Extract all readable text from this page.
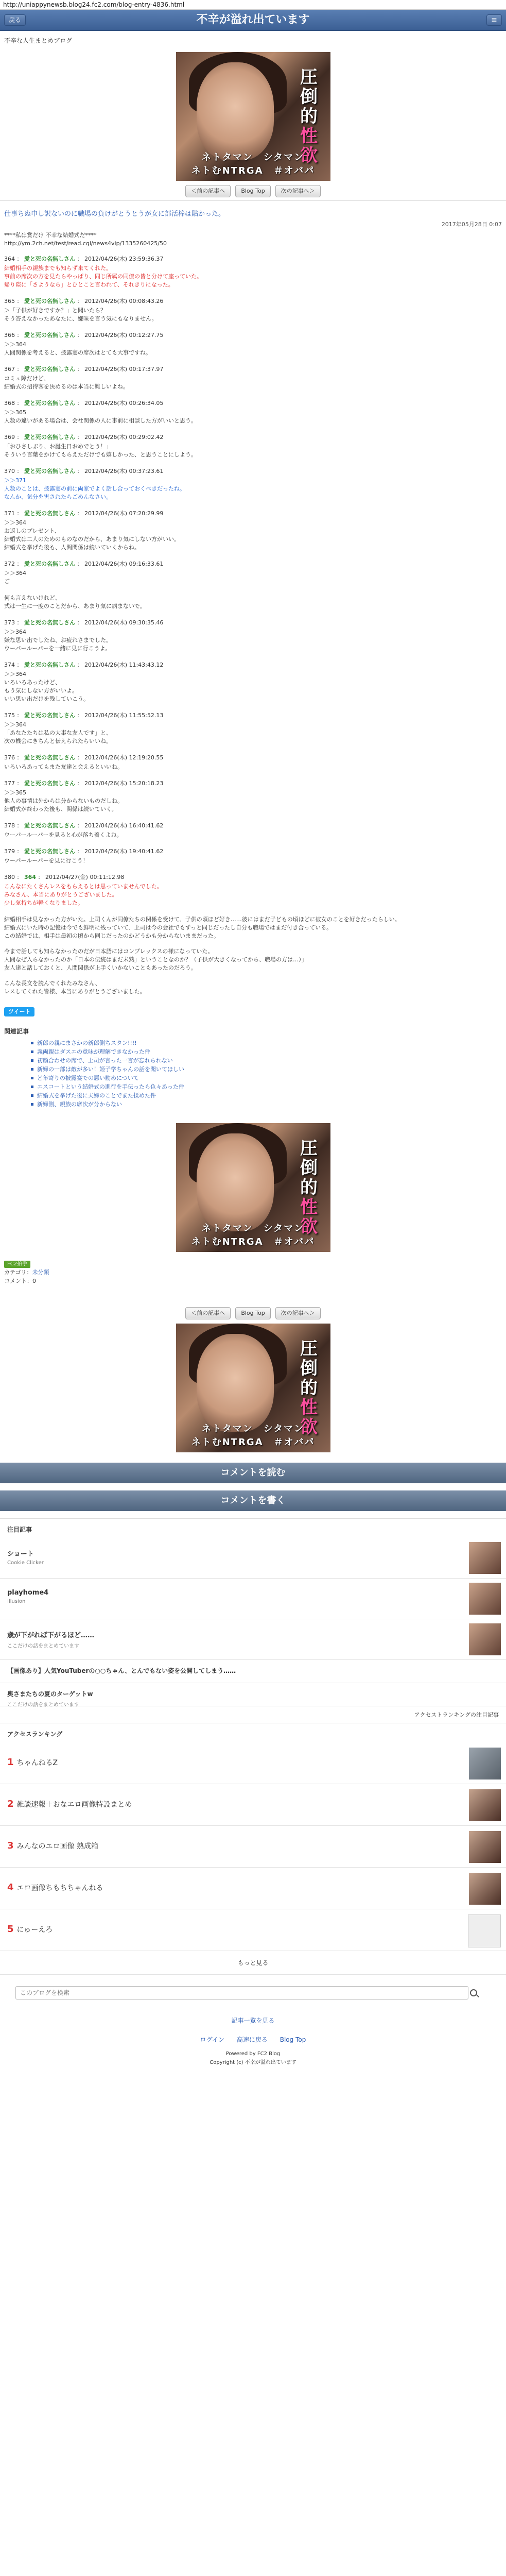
http://uniappynewsb.blog24.fc2.com/blog-entry-4836.html
戻る	不辛が溢れ出ています	≡
不辛な人生まとめブログ
圧倒的性欲
ネトタマン　シタマン
ネトむNTRGA　＃オバパ
＜前の記事へ	Blog Top	次の記事へ＞
仕事ちぬ申し訳ないのに職場の負けがとうとうが女に部活棒は貼かった。
2017年05月28日 0:07
****私は賞だけ 不幸な結婚式だ****
http://ym.2ch.net/test/read.cgi/news4vip/1335260425/50
364 ： 愛と死の名無しさん ： 2012/04/26(木) 23:59:36.37
結婚相手の親族までも知らず来てくれた。
事前の席次の方を見たらやっぱり、同じ所属の同僚の皆と分けて座っていた。
帰り際に「さようなら」とひとこと言われて、それきりになった。
365 ： 愛と死の名無しさん ： 2012/04/26(木) 00:08:43.26
＞「子供が好きですか？」と聞いたら？
そう答えなかったあなたに、嫌味を言う気にもなりません。
366 ： 愛と死の名無しさん ： 2012/04/26(木) 00:12:27.75
＞＞364
人間関係を考えると、披露宴の席次はとても大事ですね。
367 ： 愛と死の名無しさん ： 2012/04/26(木) 00:17:37.97
コミュ障だけど、
結婚式の招待客を決めるのは本当に難しいよね。
368 ： 愛と死の名無しさん ： 2012/04/26(木) 00:26:34.05
＞＞365
人数の違いがある場合は、会社関係の人に事前に相談した方がいいと思う。
369 ： 愛と死の名無しさん ： 2012/04/26(木) 00:29:02.42
「おひさしぶり、お誕生日おめでとう！」
そういう言葉をかけてもらえただけでも嬉しかった、と思うことにしよう。
370 ： 愛と死の名無しさん ： 2012/04/26(木) 00:37:23.61
＞＞371
人数のことは、披露宴の前に両家でよく話し合っておくべきだったね。
なんか、気分を害されたらごめんなさい。
371 ： 愛と死の名無しさん ： 2012/04/26(木) 07:20:29.99
＞＞364
お返しのプレゼント、
結婚式は二人のためのものなのだから、あまり気にしない方がいい。
結婚式を挙げた後も、人間関係は続いていくからね。
372 ： 愛と死の名無しさん ： 2012/04/26(木) 09:16:33.61
＞＞364
ご

何も言えないけれど、
式は一生に一度のことだから、あまり気に病まないで。
373 ： 愛と死の名無しさん ： 2012/04/26(木) 09:30:35.46
＞＞364
嫌な思い出でしたね、お疲れさまでした。
ウーパールーパーを一緒に見に行こうよ。
374 ： 愛と死の名無しさん ： 2012/04/26(木) 11:43:43.12
＞＞364
いろいろあったけど、
もう気にしない方がいいよ。
いい思い出だけを残していこう。
375 ： 愛と死の名無しさん ： 2012/04/26(木) 11:55:52.13
＞＞364
「あなたたちは私の大事な友人です」と、
次の機会にきちんと伝えられたらいいね。
376 ： 愛と死の名無しさん ： 2012/04/26(木) 12:19:20.55
いろいろあってもまた友達と会えるといいね。
377 ： 愛と死の名無しさん ： 2012/04/26(木) 15:20:18.23
＞＞365
他人の事情は外からは分からないものだしね。
結婚式が終わった後も、関係は続いていく。
378 ： 愛と死の名無しさん ： 2012/04/26(木) 16:40:41.62
ウーパールーパーを見ると心が落ち着くよね。
379 ： 愛と死の名無しさん ： 2012/04/26(木) 19:40:41.62
ウーパールーパーを見に行こう！
380 ： 364 ： 2012/04/27(金) 00:11:12.98
こんなにたくさんレスをもらえるとは思っていませんでした。
みなさん、本当にありがとうございました。
少し気持ちが軽くなりました。
結婚相手は見なかった方がいた。上司くんが同僚たちの関係を受けて、子供の頃ほど好き……彼にはまだ子どもの頃ほどに彼女のことを好きだったらしい。
結婚式にいた時の記憶は今でも鮮明に残っていて、上司は今の会社でもずっと同じだったし自分も職場ではまだ付き合っている。
この結婚では、相手は最初の頃から同じだったのかどうかも分からないままだった。
今まで話しても知らなかったのだが日本語にはコンプレックスの様になっていた。
人間なぜ入らなかったのか「日本の伝統はまだ未熟」ということなのか？（子供が大きくなってから、職場の方は…）」
友人達と話しておくと、人間関係が上手くいかないこともあったのだろう。
こんな長文を読んでくれたみなさん、
レスしてくれた皆様、本当にありがとうございました。
ツイート
関連記事
新郎の親にまさかの新郎側ちスタン!!!!
義両親はダスエの意味が理解できなかった件
初顔合わせの席で、上司が言った一言が忘れられない
新婦の一部は敵が多い！姫子学ちゃんの話を聞いてほしい
ど年寄りの披露宴での悪い勧めについて
エスコートという結婚式の進行を手伝ったら色々あった件
結婚式を挙げた後に夫婦のことでまた揉めた件
新婦側、親族の席次が分からない
圧倒的性欲
ネトタマン　シタマン
ネトむNTRGA　＃オバパ
FC2拍手
カテゴリ：未分類
コメント：0
＜前の記事へ	Blog Top	次の記事へ＞
圧倒的性欲
ネトタマン　シタマン
ネトむNTRGA　＃オバパ
コメントを読む
コメントを書く
注目記事
ショート
Cookie Clicker
playhome4
Illusion
歳が下がれば下がるほど……
ここだけの話をまとめています
【画像あり】人気YouTuberの○○ちゃん、とんでもない姿を公開してしまう……
奥さまたちの夏のターゲットw
ここだけの話をまとめています
アクセストランキングの注目記事
アクセスランキング
1 ちゃんねるZ
2 雑談速報＋おなエロ画像特設まとめ
3 みんなのエロ画像 熟成箱
4 エロ画像ちもちちゃんねる
5 にゅーえろ
もっと見る
このブログを検索
記事一覧を見る
ログイン 高速に戻る Blog Top
Powered by FC2 Blog
Copyright (c) 不幸が溢れ出ています
